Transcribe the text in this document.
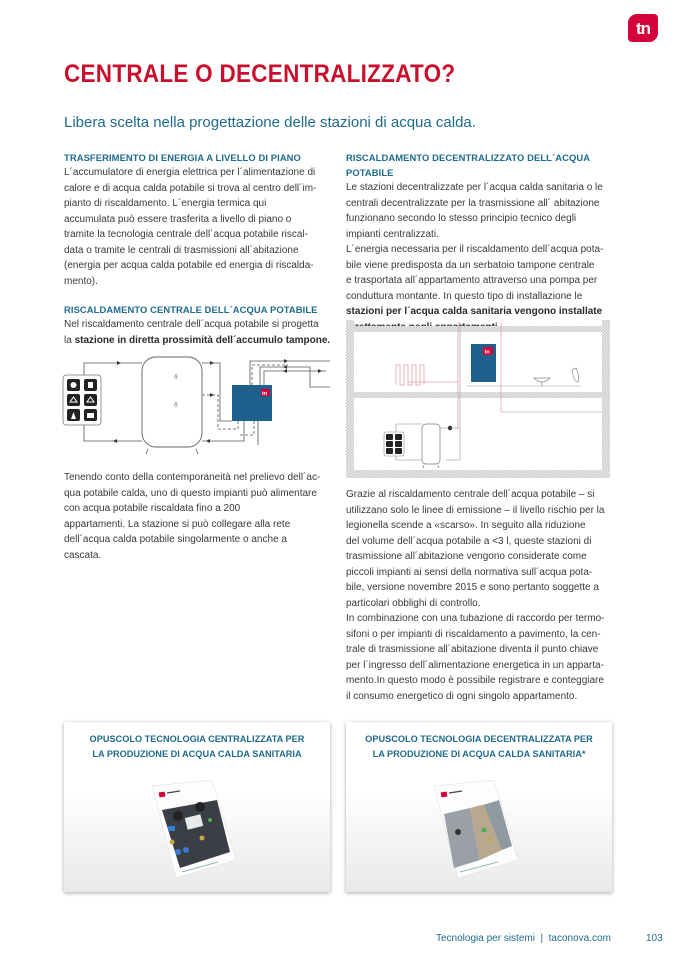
tn
CENTRALE O DECENTRALIZZATO?
Libera scelta nella progettazione delle stazioni di acqua calda.

TRASFERIMENTO DI ENERGIA A LIVELLO DI PIANO

L´accumulatore di energia elettrica per l´alimentazione di

calore e di acqua calda potabile si trova al centro dell´im-

pianto di riscaldamento. L´energia termica qui

accumulata può essere trasferita a livello di piano o

tramite la tecnologia centrale dell´acqua potabile riscal-

data o tramite le centrali di trasmissioni all´abitazione

(energia per acqua calda potabile ed energia di riscalda-

mento).

RISCALDAMENTO CENTRALE DELL´ACQUA POTABILE

Nel riscaldamento centrale dell´acqua potabile si progetta

la stazione in diretta prossimità dell´accumulo tampone.

ϑ
ϑ
tn

Tenendo conto della contemporaneità nel prelievo dell´ac-

qua potabile calda, uno di questo impianti può alimentare

con acqua potabile riscaldata fino a 200

appartamenti. La stazione si può collegare alla rete

dell´acqua calda potabile singolarmente o anche a

cascata.

RISCALDAMENTO DECENTRALIZZATO DELL´ACQUA POTABILE

Le stazioni decentralizzate per l´acqua calda sanitaria o le

centrali decentralizzate per la trasmissione all´ abitazione

funzionano secondo lo stesso principio tecnico degli

impianti centralizzati.

L´energia necessaria per il riscaldamento dell´acqua pota-

bile viene predisposta da un serbatoio tampone centrale

e trasportata all´appartamento attraverso una pompa per

conduttura montante. In questo tipo di installazione le

stazioni per l´acqua calda sanitaria vengono installate

tn

Grazie al riscaldamento centrale dell´acqua potabile – si

utilizzano solo le linee di emissione – il livello rischio per la

legionella scende a «scarso». In seguito alla riduzione

del volume dell´acqua potabile a <3 l, queste stazioni di

trasmissione all´abitazione vengono considerate come

piccoli impianti ai sensi della normativa sull´acqua pota-

bile, versione novembre 2015 e sono pertanto soggette a

particolari obblighi di controllo.

In combinazione con una tubazione di raccordo per termo-

sifoni o per impianti di riscaldamento a pavimento, la cen-

trale di trasmissione all´abitazione diventa il punto chiave

per l´ingresso dell´alimentazione energetica in un apparta-

mento.In questo modo è possibile registrare e conteggiare

il consumo energetico di ogni singolo appartamento.

OPUSCOLO TECNOLOGIA CENTRALIZZATA PER
LA PRODUZIONE DI ACQUA CALDA SANITARIA
OPUSCOLO TECNOLOGIA DECENTRALIZZATA PER
LA PRODUZIONE DI ACQUA CALDA SANITARIA*
Tecnologia per sistemi  |  taconova.com	103
